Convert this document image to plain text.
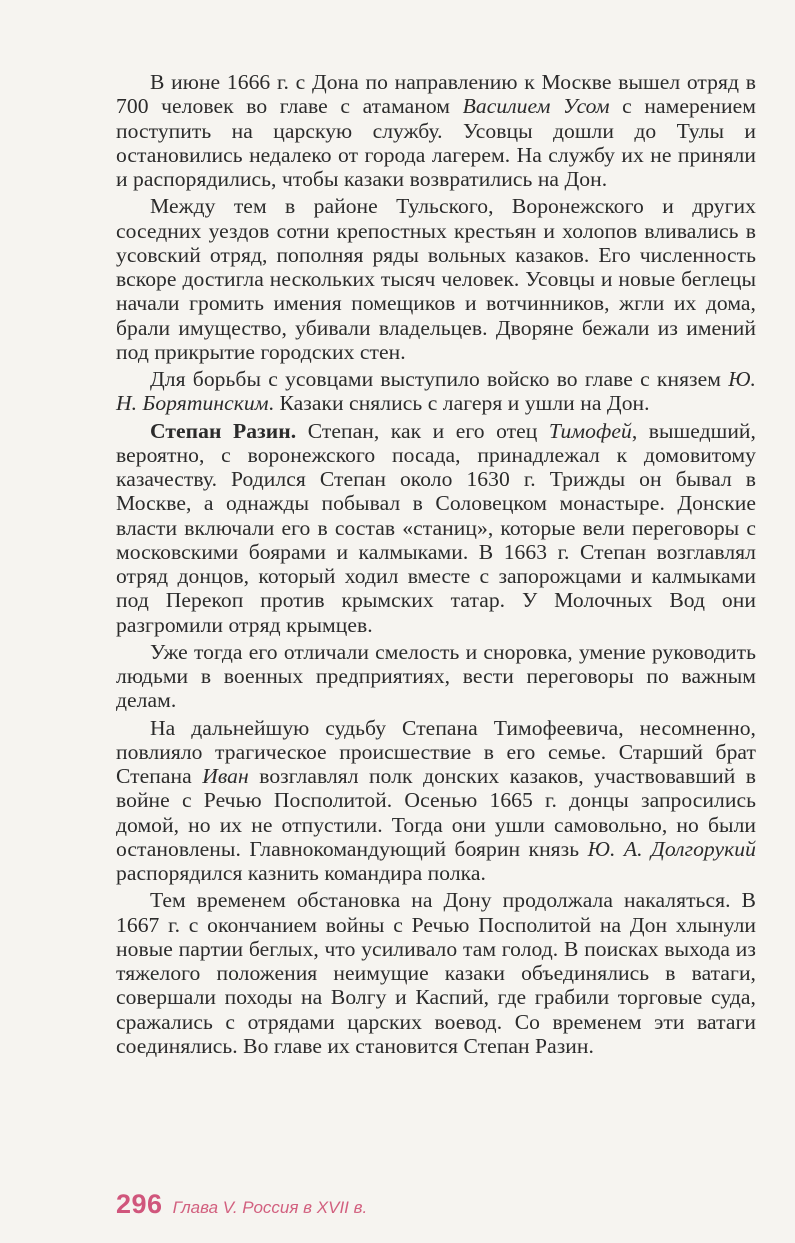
В июне 1666 г. с Дона по направлению к Москве вышел отряд в 700 человек во главе с атаманом Василием Усом с намерением поступить на царскую службу. Усовцы дошли до Тулы и остановились недалеко от города лагерем. На службу их не приняли и распорядились, чтобы казаки возвратились на Дон.

Между тем в районе Тульского, Воронежского и других соседних уездов сотни крепостных крестьян и холопов вливались в усовский отряд, пополняя ряды вольных казаков. Его численность вскоре достигла нескольких тысяч человек. Усовцы и новые беглецы начали громить имения помещиков и вотчинников, жгли их дома, брали имущество, убивали владельцев. Дворяне бежали из имений под прикрытие городских стен.

Для борьбы с усовцами выступило войско во главе с князем Ю. Н. Борятинским. Казаки снялись с лагеря и ушли на Дон.

Степан Разин. Степан, как и его отец Тимофей, вышедший, вероятно, с воронежского посада, принадлежал к домовитому казачеству. Родился Степан около 1630 г. Трижды он бывал в Москве, а однажды побывал в Соловецком монастыре. Донские власти включали его в состав «станиц», которые вели переговоры с московскими боярами и калмыками. В 1663 г. Степан возглавлял отряд донцов, который ходил вместе с запорожцами и калмыками под Перекоп против крымских татар. У Молочных Вод они разгромили отряд крымцев.

Уже тогда его отличали смелость и сноровка, умение руководить людьми в военных предприятиях, вести переговоры по важным делам.

На дальнейшую судьбу Степана Тимофеевича, несомненно, повлияло трагическое происшествие в его семье. Старший брат Степана Иван возглавлял полк донских казаков, участвовавший в войне с Речью Посполитой. Осенью 1665 г. донцы запросились домой, но их не отпустили. Тогда они ушли самовольно, но были остановлены. Главнокомандующий боярин князь Ю. А. Долгорукий распорядился казнить командира полка.

Тем временем обстановка на Дону продолжала накаляться. В 1667 г. с окончанием войны с Речью Посполитой на Дон хлынули новые партии беглых, что усиливало там голод. В поисках выхода из тяжелого положения неимущие казаки объединялись в ватаги, совершали походы на Волгу и Каспий, где грабили торговые суда, сражались с отрядами царских воевод. Со временем эти ватаги соединялись. Во главе их становится Степан Разин.

296 Глава V. Россия в XVII в.
